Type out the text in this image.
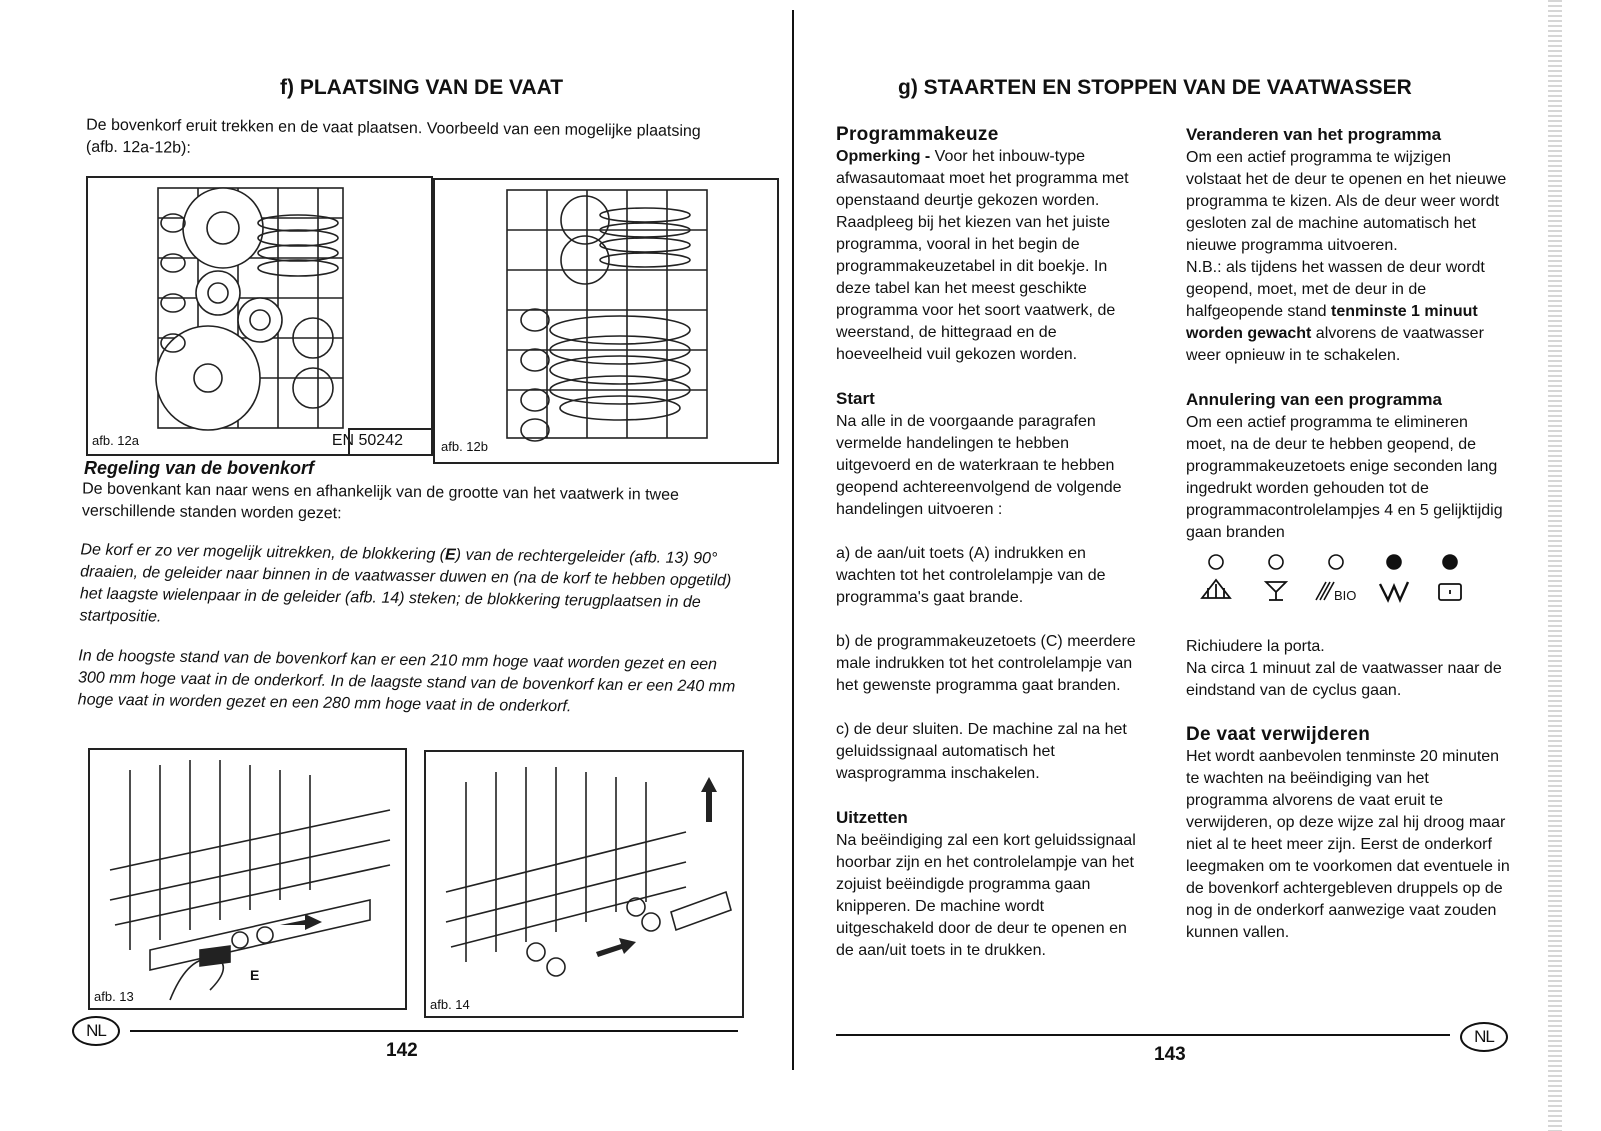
f) PLAATSING VAN DE VAAT

De bovenkorf eruit trekken en de vaat plaatsen. Voorbeeld van een mogelijke plaatsing (afb. 12a-12b):

afb. 12a	EN 50242	afb. 12b
Regeling van de bovenkorf

De bovenkant kan naar wens en afhankelijk van de grootte van het vaatwerk in twee verschillende standen worden gezet:

De korf er zo ver mogelijk uitrekken, de blokkering (E) van de rechtergeleider (afb. 13) 90° draaien, de geleider naar binnen in de vaatwasser duwen en (na de korf te hebben opgetild) het laagste wielenpaar in de geleider (afb. 14) steken; de blokkering terugplaatsen in de startpositie.

In de hoogste stand van de bovenkorf kan er een 210 mm hoge vaat worden gezet en een 300 mm hoge vaat in de onderkorf. In de laagste stand van de bovenkorf kan er een 240 mm hoge vaat in worden gezet en een 280 mm hoge vaat in de onderkorf.

E
afb. 13
afb. 14
NL
142
g) STAARTEN EN STOPPEN VAN DE VAATWASSER
Programmakeuze

Opmerking - Voor het inbouw-type afwasautomaat moet het programma met openstaand deurtje gekozen worden. Raadpleeg bij het kiezen van het juiste programma, vooral in het begin de programmakeuzetabel in dit boekje. In deze tabel kan het meest geschikte programma voor het soort vaatwerk, de weerstand, de hittegraad en de hoeveelheid vuil gekozen worden.

Start

Na alle in de voorgaande paragrafen vermelde handelingen te hebben uitgevoerd en de waterkraan te hebben geopend achtereenvolgend de volgende handelingen uitvoeren :

a) de aan/uit toets (A) indrukken en wachten tot het controlelampje van de programma's gaat brande.

b) de programmakeuzetoets (C) meerdere male indrukken tot het controlelampje van het gewenste programma gaat branden.

c) de deur sluiten. De machine zal na het geluidssignaal automatisch het wasprogramma inschakelen.

Uitzetten

Na beëindiging zal een kort geluidssignaal hoorbar zijn en het controlelampje van het zojuist beëindigde programma gaan knipperen. De machine wordt uitgeschakeld door de deur te openen en de aan/uit toets in te drukken.

Veranderen van het programma

Om een actief programma te wijzigen volstaat het de deur te openen en het nieuwe programma te kizen. Als de deur weer wordt gesloten zal de machine automatisch het nieuwe programma uitvoeren.

N.B.: als tijdens het wassen de deur wordt geopend, moet, met de deur in de halfgeopende stand tenminste 1 minuut worden gewacht alvorens de vaatwasser weer opnieuw in te schakelen.

Annulering van een programma

Om een actief programma te elimineren moet, na de deur te hebben geopend, de programmakeuzetoets enige seconden lang ingedrukt worden gehouden tot de programmacontrolelampjes 4 en 5 gelijktijdig gaan branden

BIO

Richiudere la porta.

Na circa 1 minuut zal de vaatwasser naar de eindstand van de cyclus gaan.

De vaat verwijderen

Het wordt aanbevolen tenminste 20 minuten te wachten na beëindiging van het programma alvorens de vaat eruit te verwijderen, op deze wijze zal hij droog maar niet al te heet meer zijn. Eerst de onderkorf leegmaken om te voorkomen dat eventuele in de bovenkorf achtergebleven druppels op de nog in de onderkorf aanwezige vaat zouden kunnen vallen.

NL
143
